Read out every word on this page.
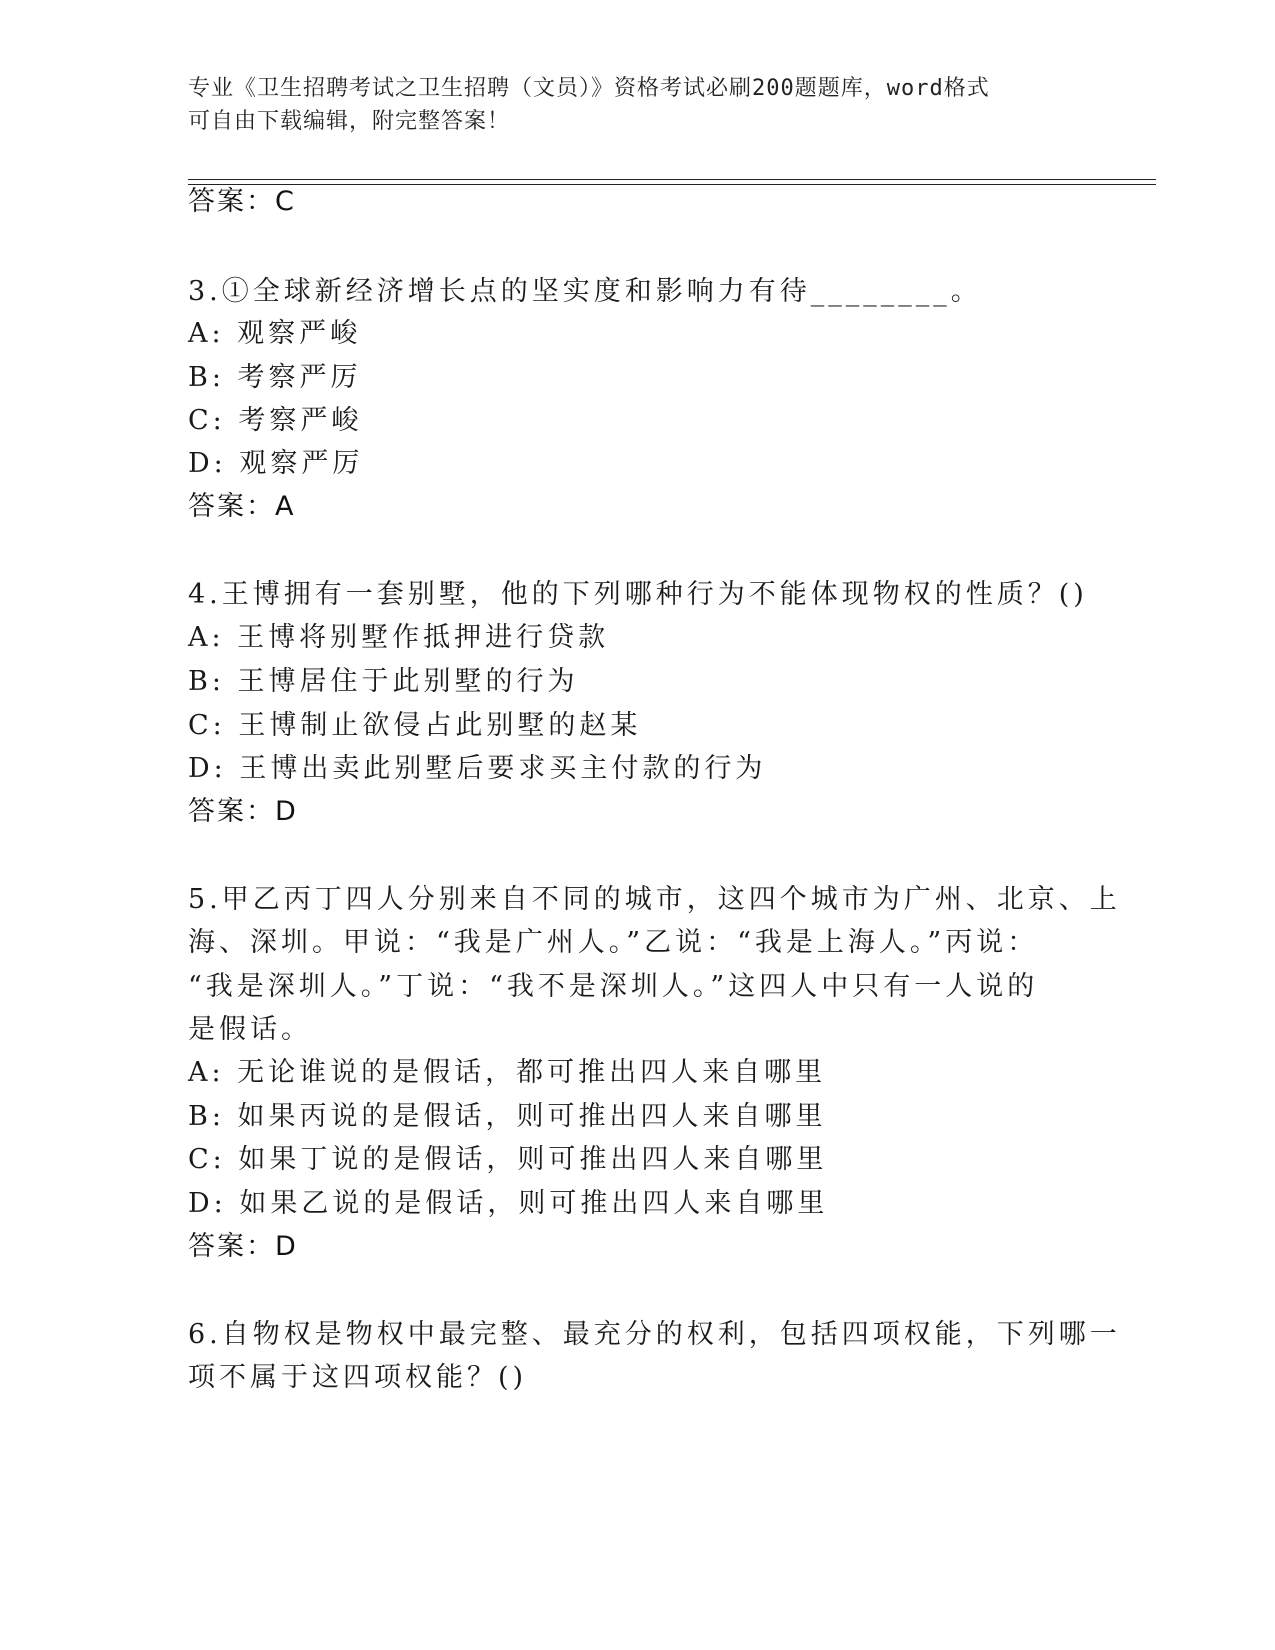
专业《卫生招聘考试之卫生招聘（文员）》资格考试必刷200题题库，word格式
可自由下载编辑，附完整答案！
答案：C
3.①全球新经济增长点的坚实度和影响力有待________。
A: 观察严峻
B: 考察严厉
C: 考察严峻
D: 观察严厉
答案：A
4.王博拥有一套别墅，他的下列哪种行为不能体现物权的性质？()
A: 王博将别墅作抵押进行贷款
B: 王博居住于此别墅的行为
C: 王博制止欲侵占此别墅的赵某
D: 王博出卖此别墅后要求买主付款的行为
答案：D
5.甲乙丙丁四人分别来自不同的城市，这四个城市为广州、北京、上
海、深圳。甲说：“我是广州人。”乙说：“我是上海人。”丙说：
“我是深圳人。”丁说：“我不是深圳人。”这四人中只有一人说的
是假话。
A: 无论谁说的是假话，都可推出四人来自哪里
B: 如果丙说的是假话，则可推出四人来自哪里
C: 如果丁说的是假话，则可推出四人来自哪里
D: 如果乙说的是假话，则可推出四人来自哪里
答案：D
6.自物权是物权中最完整、最充分的权利，包括四项权能，下列哪一
项不属于这四项权能？()
